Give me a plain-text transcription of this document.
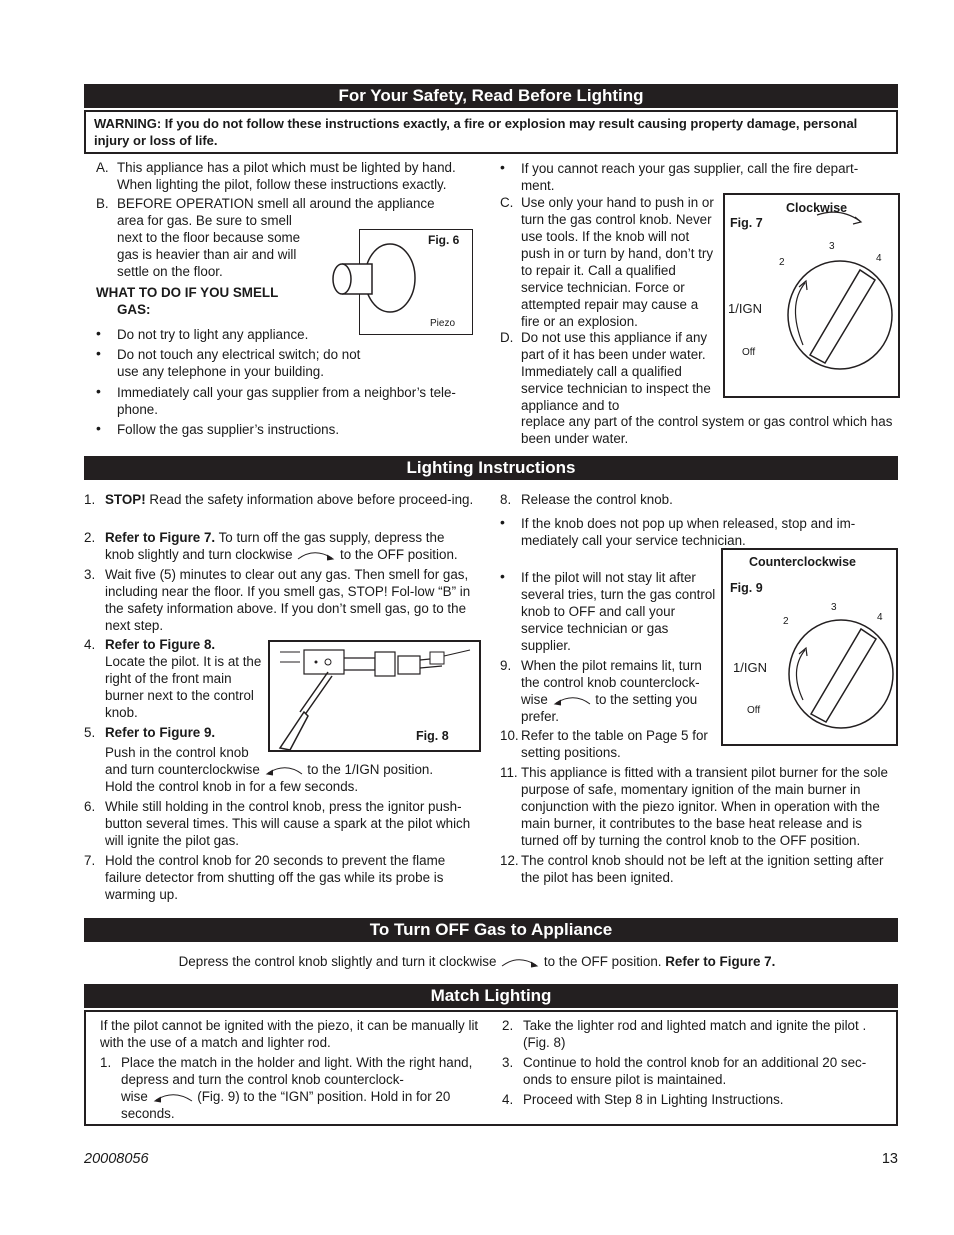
For Your Safety, Read Before Lighting
WARNING: If you do not follow these instructions exactly, a fire or explosion may result causing property damage, personal injury or loss of life.
A. This appliance has a pilot which must be lighted by hand. When lighting the pilot, follow these instructions exactly.
B. BEFORE OPERATION smell all around the appliance
area for gas. Be sure to smell next to the floor because some gas is heavier than air and will settle on the floor.
WHAT TO DO IF YOU SMELL GAS:
Fig. 6
Piezo
•	Do not try to light any appliance.
•	Do not touch any electrical switch; do not use any telephone in your building.
•	Immediately call your gas supplier from a neighbor’s tele-phone.
•	Follow the gas supplier’s instructions.
•	If you cannot reach your gas supplier, call the fire depart-ment.
C. Use only your hand to push in or turn the gas control knob. Never use tools. If the knob will not push in or turn by hand, don’t try to repair it. Call a qualified service technician. Force or attempted repair may cause a fire or an explosion.
D. Do not use this appliance if any part of it has been under water. Immediately call a qualified service technician to inspect the appliance and to
replace any part of the control system or gas control which has been under water.
Clockwise
Fig. 7
3
2	4
1/IGN
Off
Lighting Instructions
1. STOP! Read the safety information above before proceed-ing.
2. Refer to Figure 7. To turn off the gas supply, depress the knob slightly and turn clockwise	to the OFF position.
3. Wait five (5) minutes to clear out any gas. Then smell for gas, including near the floor. If you smell gas, STOP! Fol-low “B” in the safety information above. If you don’t smell gas, go to the next step.
4. Refer to Figure 8.
Locate the pilot. It is at the right of the front main burner next to the control knob.
5. Refer to Figure 9.
Push in the control knob
and turn counterclockwise	to the 1/IGN position.
Hold the control knob in for a few seconds.
Fig. 8
6. While still holding in the control knob, press the ignitor push-button several times. This will cause a spark at the pilot which will ignite the pilot gas.
7. Hold the control knob for 20 seconds to prevent the flame failure detector from shutting off the gas while its probe is warming up.
8. Release the control knob.
•	If the knob does not pop up when released, stop and im-mediately call your service technician.
•	If the pilot will not stay lit after several tries, turn the gas control knob to OFF and call your service technician or gas supplier.
9. When the pilot remains lit, turn the control knob counterclock-wise	to the setting you prefer.
10. Refer to the table on Page 5 for setting positions.
11. This appliance is fitted with a transient pilot burner for the sole purpose of safe, momentary ignition of the main burner in conjunction with the piezo ignitor. When in operation with the main burner, it contributes to the base heat release and is turned off by turning the control knob to the OFF position.
12. The control knob should not be left at the ignition setting after the pilot has been ignited.
Counterclockwise
Fig. 9
3
2	4
1/IGN
Off
To Turn OFF Gas to Appliance
Depress the control knob slightly and turn it clockwise	to the OFF position. Refer to Figure 7.
Match Lighting
If the pilot cannot be ignited with the piezo, it can be manually lit with the use of a match and lighter rod.
1. Place the match in the holder and light. With the right hand, depress and turn the control knob counterclock-
wise	(Fig. 9) to the “IGN” position. Hold in for 20
seconds.
2. Take the lighter rod and lighted match and ignite the pilot .(Fig. 8)
3. Continue to hold the control knob for an additional 20 sec-onds to ensure pilot is maintained.
4. Proceed with Step 8 in Lighting Instructions.
20008056	13
